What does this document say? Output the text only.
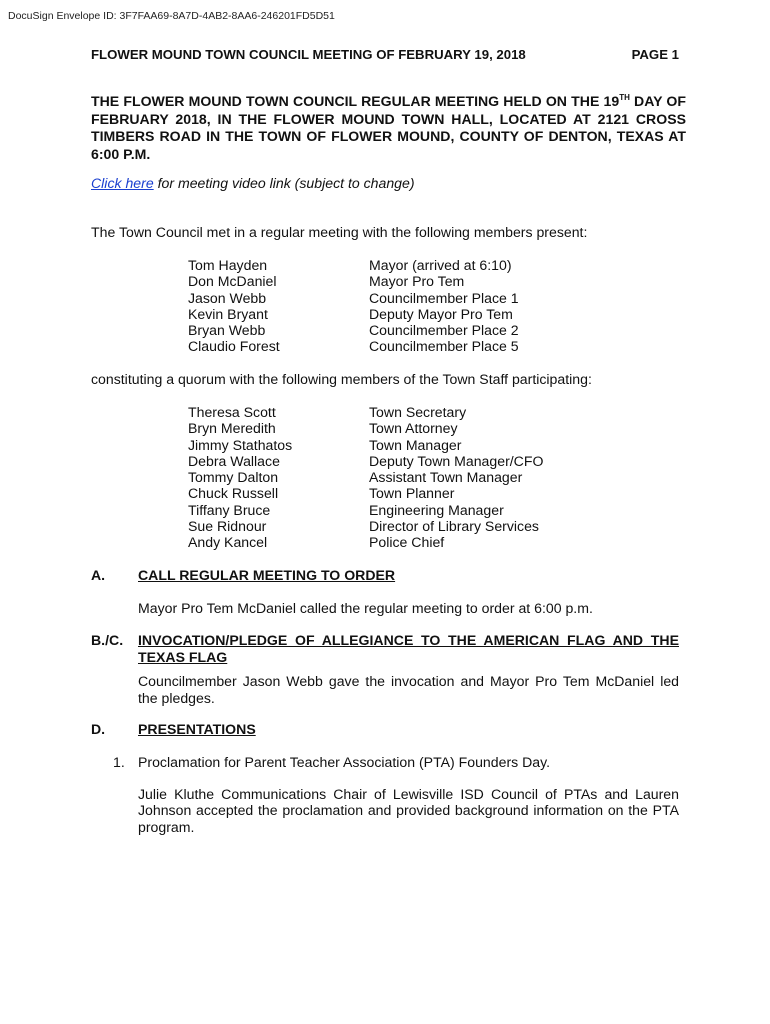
DocuSign Envelope ID: 3F7FAA69-8A7D-4AB2-8AA6-246201FD5D51
FLOWER MOUND TOWN COUNCIL MEETING OF FEBRUARY 19, 2018	PAGE 1
THE FLOWER MOUND TOWN COUNCIL REGULAR MEETING HELD ON THE 19TH DAY OF FEBRUARY 2018, IN THE FLOWER MOUND TOWN HALL, LOCATED AT 2121 CROSS TIMBERS ROAD IN THE TOWN OF FLOWER MOUND, COUNTY OF DENTON, TEXAS AT 6:00 P.M.
Click here for meeting video link (subject to change)
The Town Council met in a regular meeting with the following members present:
Tom Hayden	Mayor (arrived at 6:10)
Don McDaniel	Mayor Pro Tem
Jason Webb	Councilmember Place 1
Kevin Bryant	Deputy Mayor Pro Tem
Bryan Webb	Councilmember Place 2
Claudio Forest	Councilmember Place 5
constituting a quorum with the following members of the Town Staff participating:
Theresa Scott	Town Secretary
Bryn Meredith	Town Attorney
Jimmy Stathatos	Town Manager
Debra Wallace	Deputy Town Manager/CFO
Tommy Dalton	Assistant Town Manager
Chuck Russell	Town Planner
Tiffany Bruce	Engineering Manager
Sue Ridnour	Director of Library Services
Andy Kancel	Police Chief
A. CALL REGULAR MEETING TO ORDER
Mayor Pro Tem McDaniel called the regular meeting to order at 6:00 p.m.
B./C. INVOCATION/PLEDGE OF ALLEGIANCE TO THE AMERICAN FLAG AND THE TEXAS FLAG
Councilmember Jason Webb gave the invocation and Mayor Pro Tem McDaniel led the pledges.
D. PRESENTATIONS
1. Proclamation for Parent Teacher Association (PTA) Founders Day.
Julie Kluthe Communications Chair of Lewisville ISD Council of PTAs and Lauren Johnson accepted the proclamation and provided background information on the PTA program.
